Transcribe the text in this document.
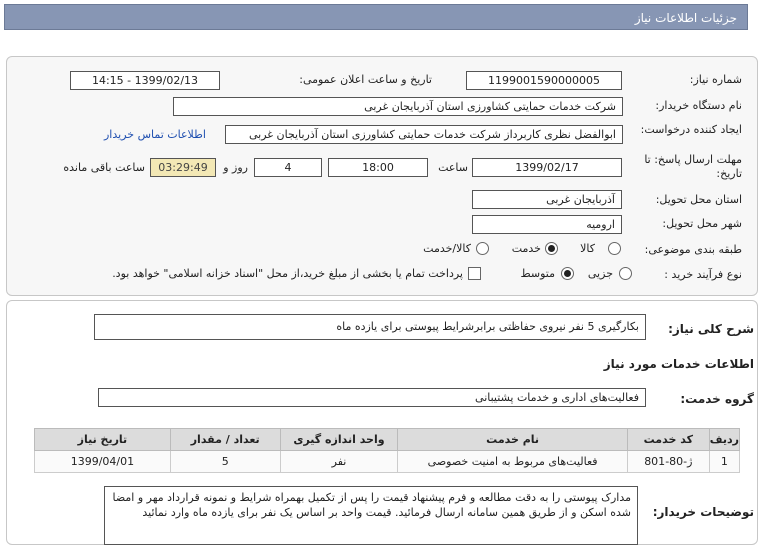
جزئیات اطلاعات نیاز
شماره نیاز:
1199001590000005
تاریخ و ساعت اعلان عمومی:
1399/02/13 - 14:15
نام دستگاه خریدار:
شرکت خدمات حمایتی کشاورزی استان آذربایجان غربی
ایجاد کننده درخواست:
ابوالفضل نظری کاربرداز شرکت خدمات حمایتی کشاورزی استان آذربایجان غربی
اطلاعات تماس خریدار
مهلت ارسال پاسخ: تا تاریخ:
1399/02/17
ساعت
18:00
4
روز و
03:29:49
ساعت باقی مانده
استان محل تحویل:
آذربایجان غربی
شهر محل تحویل:
ارومیه
طبقه بندی موضوعی:
کالا
خدمت
کالا/خدمت
نوع فرآیند خرید :
جزیی
متوسط
پرداخت تمام یا بخشی از مبلغ خرید،از محل "اسناد خزانه اسلامی" خواهد بود.
شرح کلی نیاز:
بکارگیری 5 نفر نیروی حفاظتی برابرشرایط پیوستی برای یازده ماه
اطلاعات خدمات مورد نیاز
گروه خدمت:
فعالیت‌های اداری و خدمات پشتیبانی
ردیف	کد خدمت	نام خدمت	واحد اندازه گیری	تعداد / مقدار	تاریخ نیاز
1	ژ-80-801	فعالیت‌های مربوط به امنیت خصوصی	نفر	5	1399/04/01
توضیحات خریدار:
مدارک پیوستی را به دقت مطالعه و فرم پیشنهاد قیمت را پس از تکمیل بهمراه شرایط و نمونه قرارداد مهر و امضا شده اسکن و از طریق همین سامانه ارسال فرمائید. قیمت واحد بر اساس یک نفر برای یازده ماه وارد نمائید
